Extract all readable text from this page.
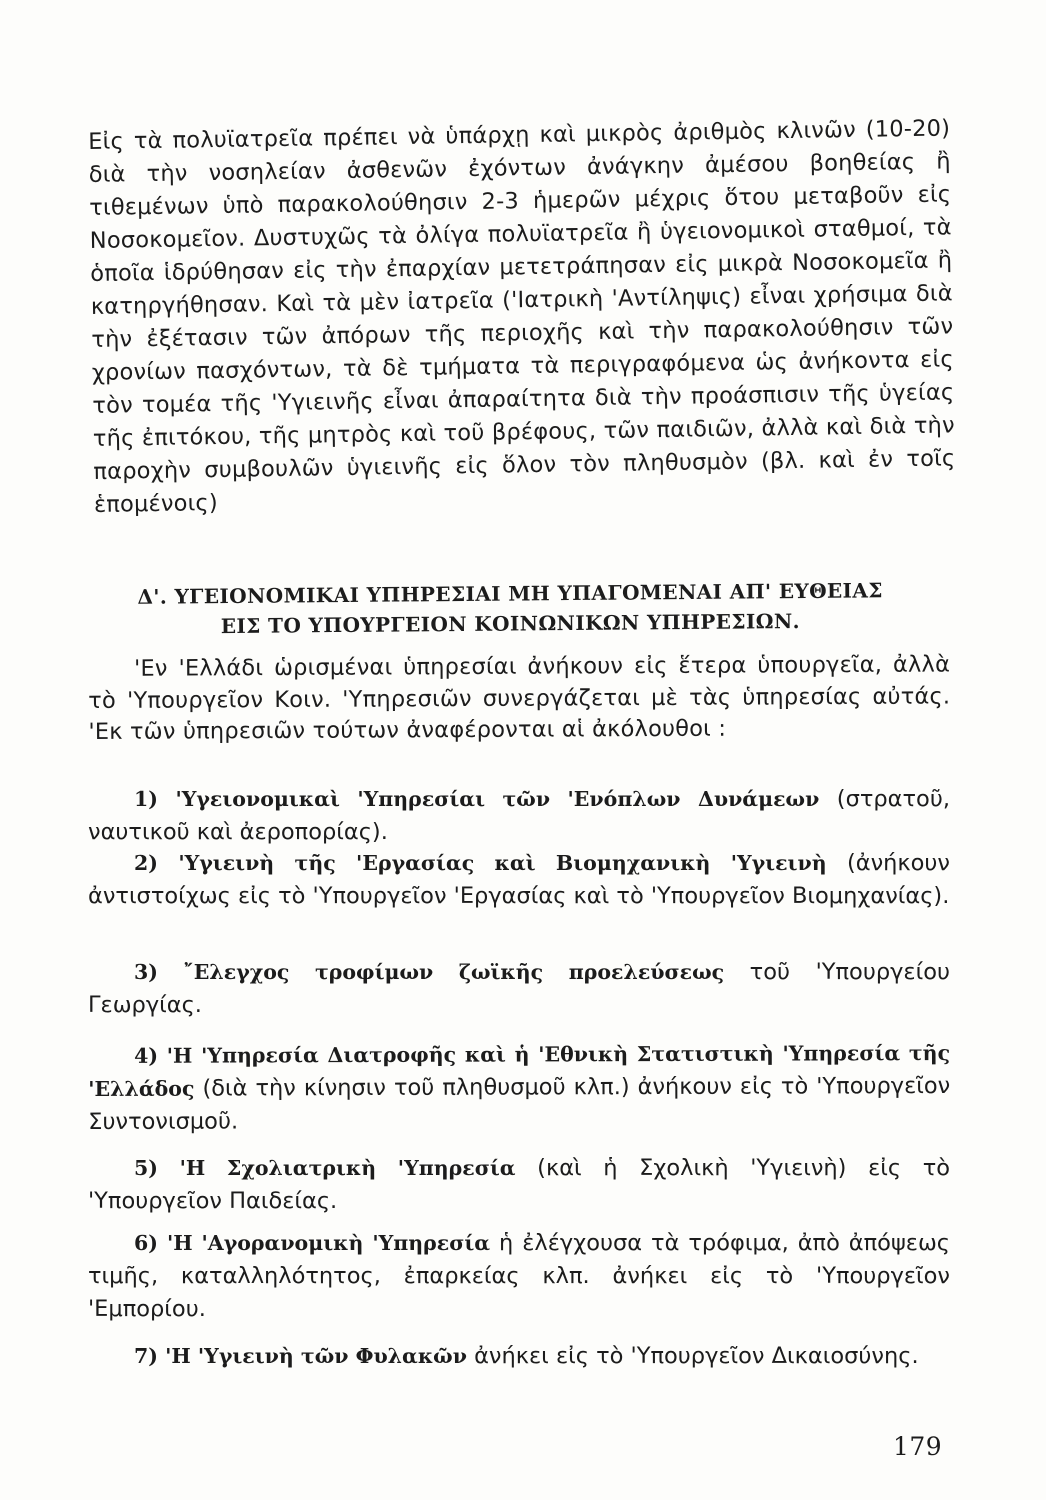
Εἰς τὰ πολυϊατρεῖα πρέπει νὰ ὑπάρχῃ καὶ μικρὸς ἀριθμὸς κλινῶν (10-20) διὰ τὴν νοσηλείαν ἀσθενῶν ἐχόντων ἀνάγκην ἀμέσου βοηθείας ἢ τιθεμένων ὑπὸ παρακολούθησιν 2-3 ἡμερῶν μέχρις ὅτου μεταβοῦν εἰς Νοσοκομεῖον. Δυστυχῶς τὰ ὀλίγα πολυϊατρεῖα ἢ ὑγειονομικοὶ σταθμοί, τὰ ὁποῖα ἱδρύθησαν εἰς τὴν ἐπαρχίαν μετετράπησαν εἰς μικρὰ Νοσοκομεῖα ἢ κατηργήθησαν. Καὶ τὰ μὲν ἰατρεῖα ('Ιατρικὴ 'Αντίληψις) εἶναι χρήσιμα διὰ τὴν ἐξέτασιν τῶν ἀπόρων τῆς περιοχῆς καὶ τὴν παρακολούθησιν τῶν χρονίων πασχόντων, τὰ δὲ τμήματα τὰ περιγραφόμενα ὡς ἀνήκοντα εἰς τὸν τομέα τῆς 'Υγιεινῆς εἶναι ἀπαραίτητα διὰ τὴν προάσπισιν τῆς ὑγείας τῆς ἐπιτόκου, τῆς μητρὸς καὶ τοῦ βρέφους, τῶν παιδιῶν, ἀλλὰ καὶ διὰ τὴν παροχὴν συμβουλῶν ὑγιεινῆς εἰς ὅλον τὸν πληθυσμὸν (βλ. καὶ ἐν τοῖς ἑπομένοις)

Δ'. ΥΓΕΙΟΝΟΜΙΚΑΙ ΥΠΗΡΕΣΙΑΙ ΜΗ ΥΠΑΓΟΜΕΝΑΙ ΑΠ' ΕΥΘΕΙΑΣ
ΕΙΣ ΤΟ ΥΠΟΥΡΓΕΙΟΝ ΚΟΙΝΩΝΙΚΩΝ ΥΠΗΡΕΣΙΩΝ.

'Εν 'Ελλάδι ὡρισμέναι ὑπηρεσίαι ἀνήκουν εἰς ἕτερα ὑπουργεῖα, ἀλλὰ τὸ 'Υπουργεῖον Κοιν. 'Υπηρεσιῶν συνεργάζεται μὲ τὰς ὑπηρεσίας αὐτάς. 'Εκ τῶν ὑπηρεσιῶν τούτων ἀναφέρονται αἱ ἀκόλουθοι :

1) 'Υγειονομικαὶ 'Υπηρεσίαι τῶν 'Ενόπλων Δυνάμεων (στρατοῦ, ναυτικοῦ καὶ ἀεροπορίας).

2) 'Υγιεινὴ τῆς 'Εργασίας καὶ Βιομηχανικὴ 'Υγιεινὴ (ἀνήκουν ἀντιστοίχως εἰς τὸ 'Υπουργεῖον 'Εργασίας καὶ τὸ 'Υπουργεῖον Βιομηχανίας).

3) ῎Ελεγχος τροφίμων ζωϊκῆς προελεύσεως τοῦ 'Υπουργείου Γεωργίας.

4) 'Η 'Υπηρεσία Διατροφῆς καὶ ἡ 'Εθνικὴ Στατιστικὴ 'Υπηρεσία τῆς 'Ελλάδος (διὰ τὴν κίνησιν τοῦ πληθυσμοῦ κλπ.) ἀνήκουν εἰς τὸ 'Υπουργεῖον Συντονισμοῦ.

5) 'Η Σχολιατρικὴ 'Υπηρεσία (καὶ ἡ Σχολικὴ 'Υγιεινὴ) εἰς τὸ 'Υπουργεῖον Παιδείας.

6) 'Η 'Αγορανομικὴ 'Υπηρεσία ἡ ἐλέγχουσα τὰ τρόφιμα, ἀπὸ ἀπόψεως τιμῆς, καταλληλότητος, ἐπαρκείας κλπ. ἀνήκει εἰς τὸ 'Υπουργεῖον 'Εμπορίου.

7) 'Η 'Υγιεινὴ τῶν Φυλακῶν ἀνήκει εἰς τὸ 'Υπουργεῖον Δικαιοσύνης.

179
